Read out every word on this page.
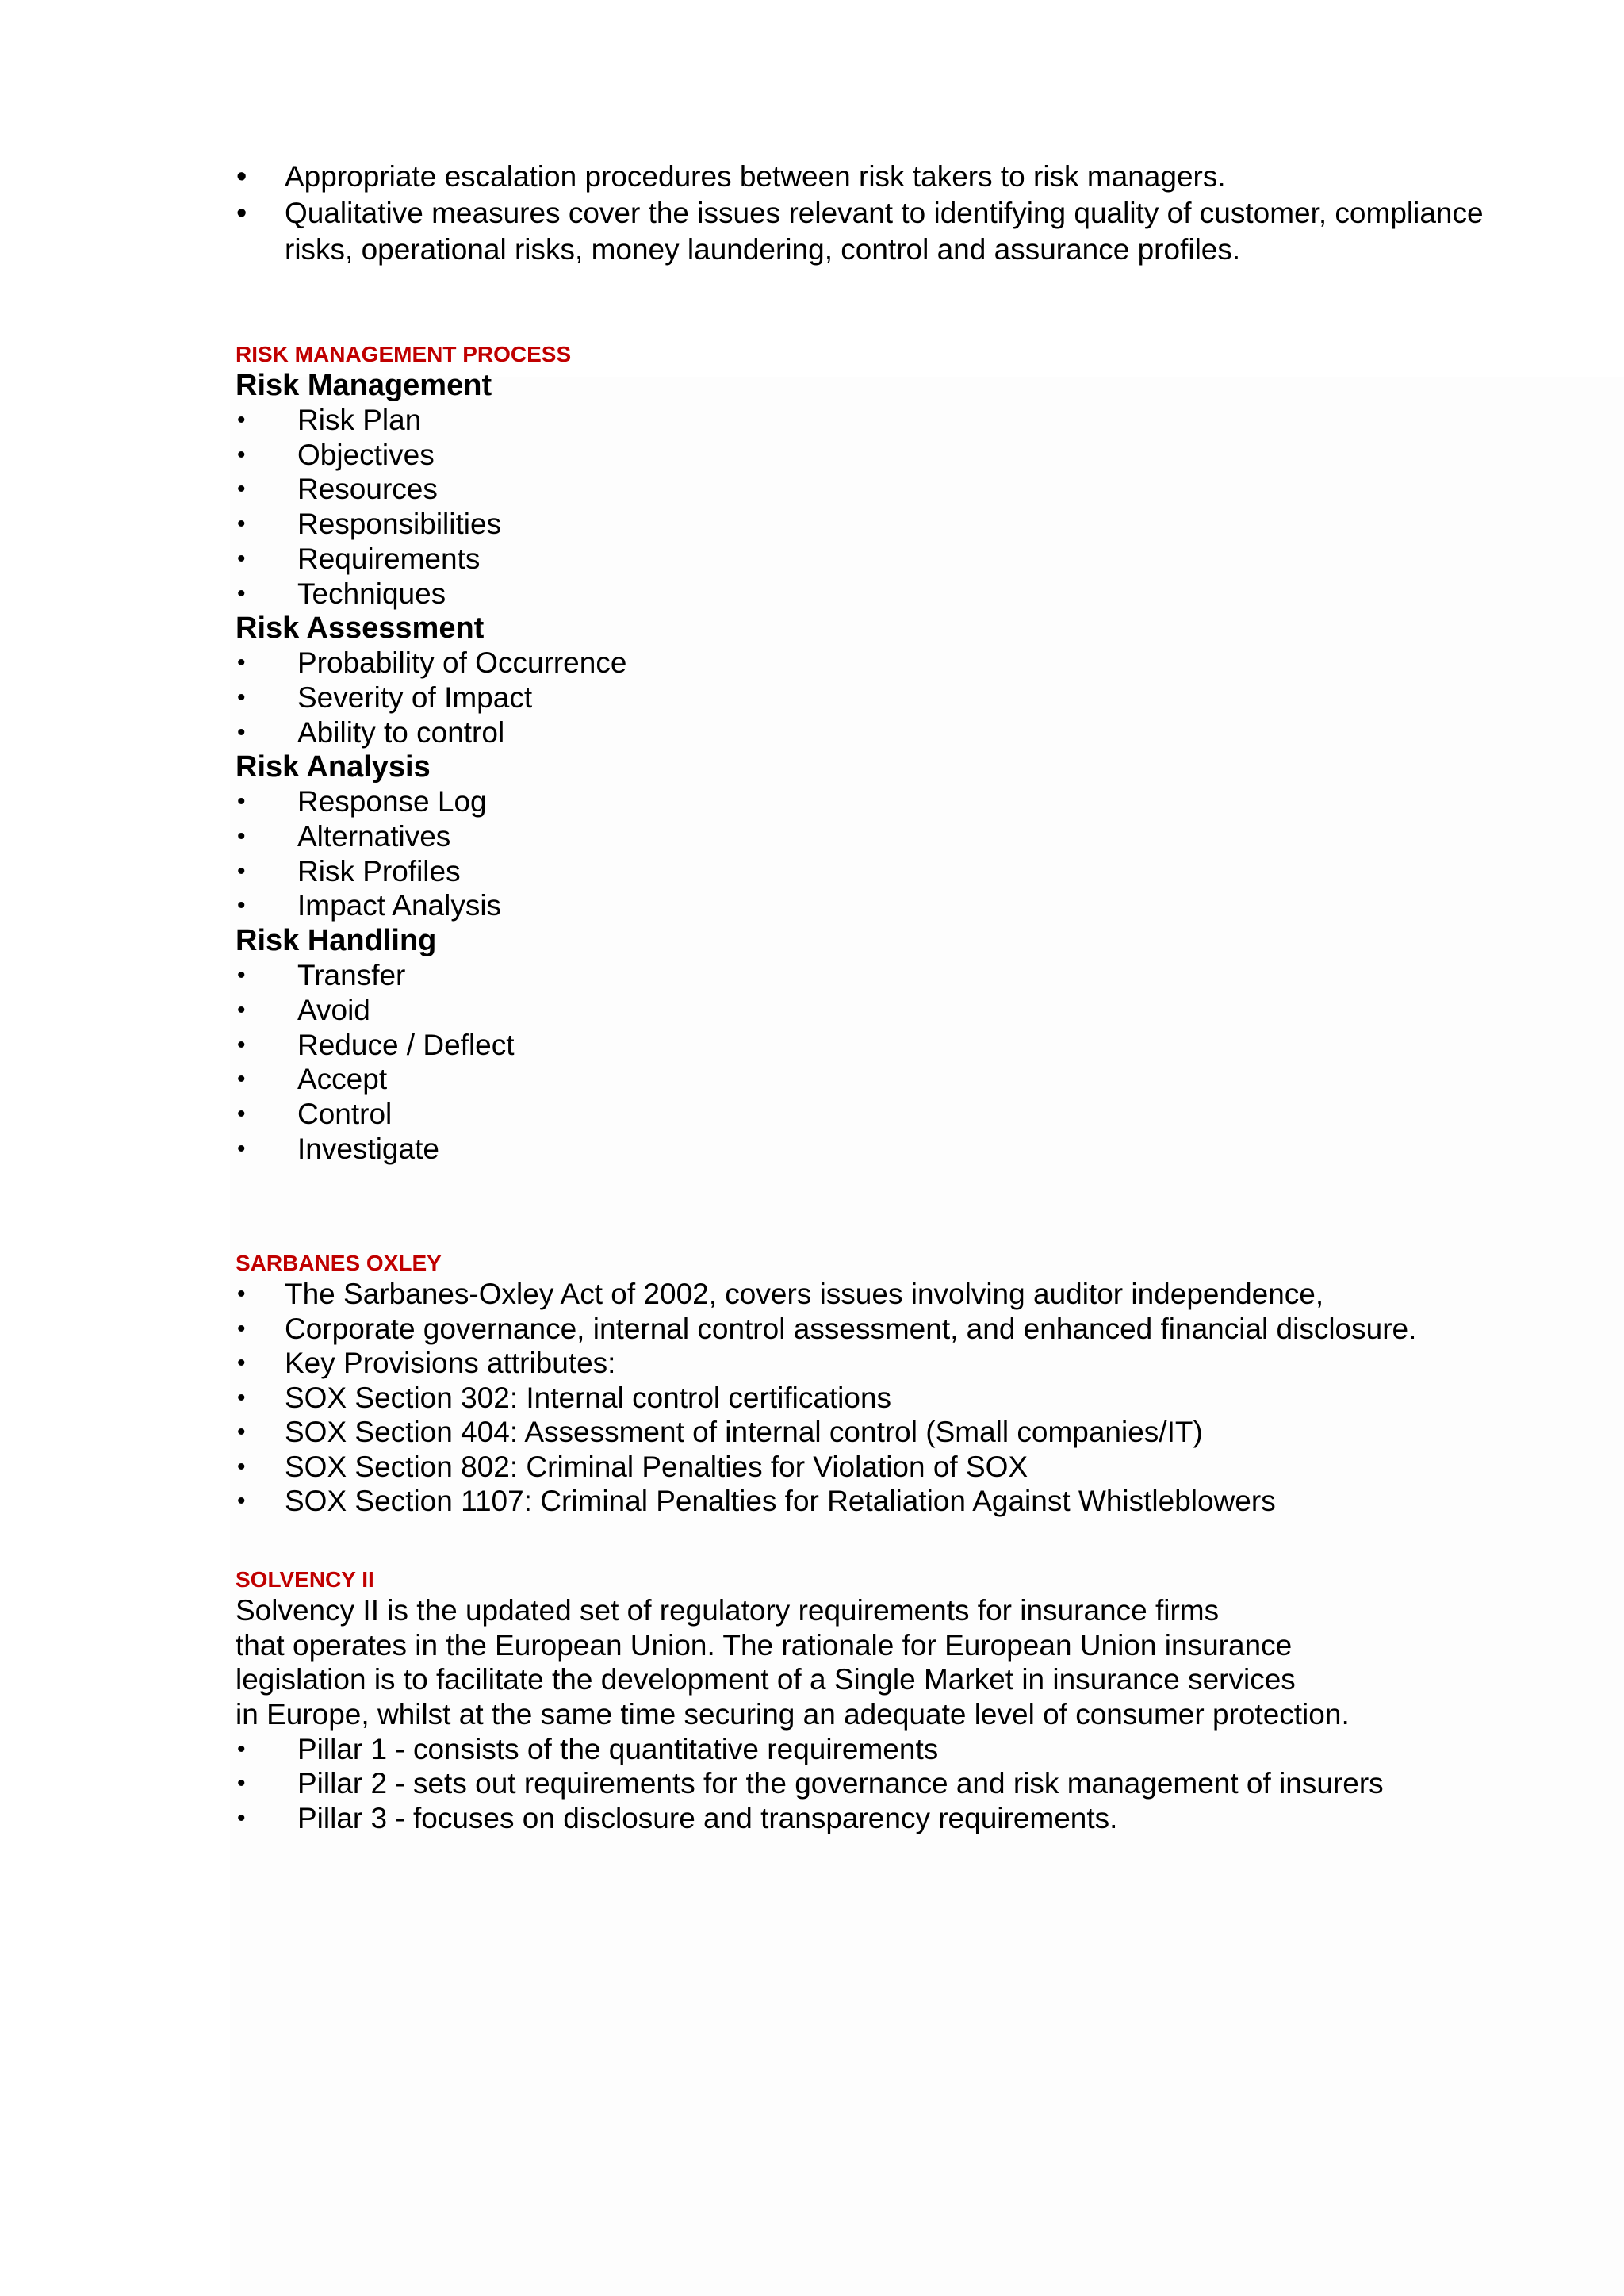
• Appropriate escalation procedures between risk takers to risk managers.
• Qualitative measures cover the issues relevant to identifying quality of customer, compliance risks, operational risks, money laundering, control and assurance profiles.
RISK MANAGEMENT PROCESS
Risk Management
• Risk Plan
• Objectives
• Resources
• Responsibilities
• Requirements
• Techniques
Risk Assessment
• Probability of Occurrence
• Severity of Impact
• Ability to control
Risk Analysis
• Response Log
• Alternatives
• Risk Profiles
• Impact Analysis
Risk Handling
• Transfer
• Avoid
• Reduce / Deflect
• Accept
• Control
• Investigate
SARBANES OXLEY
• The Sarbanes-Oxley Act of 2002, covers issues involving auditor independence,
• Corporate governance, internal control assessment, and enhanced financial disclosure.
• Key Provisions attributes:
• SOX Section 302: Internal control certifications
• SOX Section 404: Assessment of internal control (Small companies/IT)
• SOX Section 802: Criminal Penalties for Violation of SOX
• SOX Section 1107: Criminal Penalties for Retaliation Against Whistleblowers
SOLVENCY II
Solvency II is the updated set of regulatory requirements for insurance firms
that operates in the European Union. The rationale for European Union insurance
legislation is to facilitate the development of a Single Market in insurance services
in Europe, whilst at the same time securing an adequate level of consumer protection.
• Pillar 1 - consists of the quantitative requirements
• Pillar 2 - sets out requirements for the governance and risk management of insurers
• Pillar 3 - focuses on disclosure and transparency requirements.
